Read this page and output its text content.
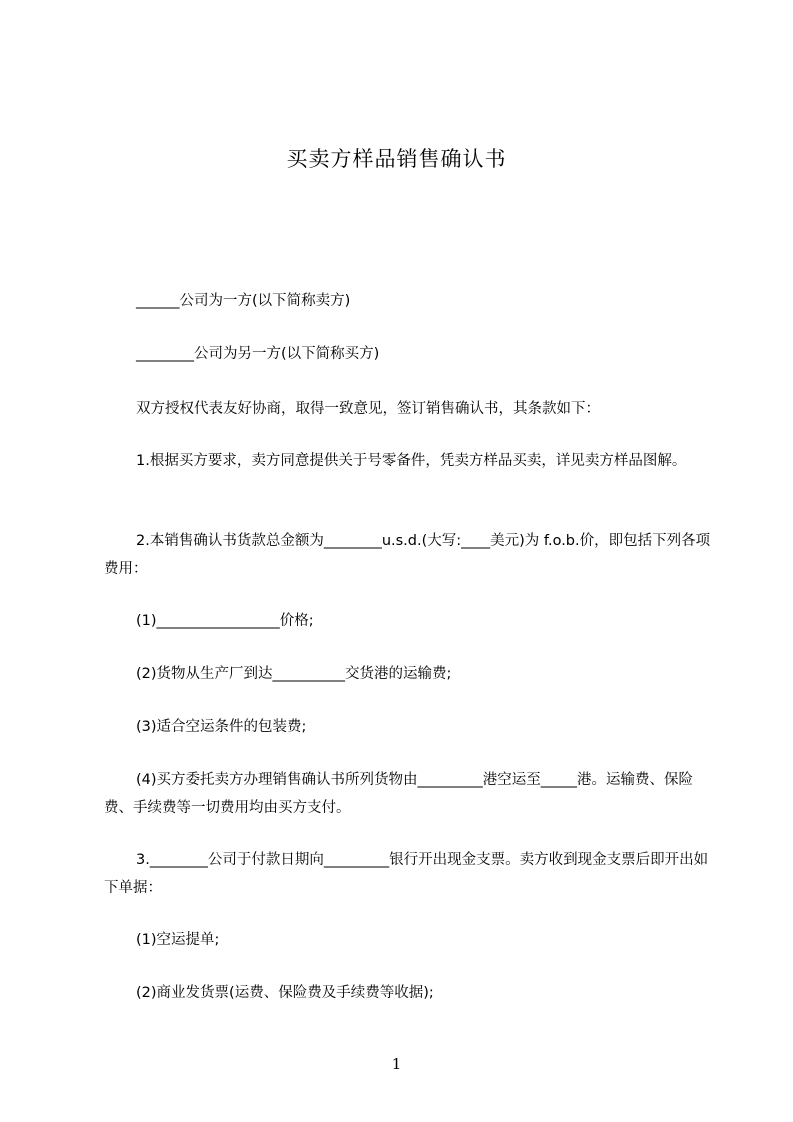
买卖方样品销售确认书
______公司为一方(以下简称卖方)
________公司为另一方(以下简称买方)
双方授权代表友好协商，取得一致意见，签订销售确认书，其条款如下：
1.根据买方要求，卖方同意提供关于号零备件，凭卖方样品买卖，详见卖方样品图解。
2.本销售确认书货款总金额为________u.s.d.(大写:____美元)为 f.o.b.价，即包括下列各项费用：
(1)_________________价格;
(2)货物从生产厂到达__________交货港的运输费;
(3)适合空运条件的包装费;
(4)买方委托卖方办理销售确认书所列货物由_________港空运至_____港。运输费、保险费、手续费等一切费用均由买方支付。
3.________公司于付款日期向_________银行开出现金支票。卖方收到现金支票后即开出如下单据：
(1)空运提单;
(2)商业发货票(运费、保险费及手续费等收据);
1
